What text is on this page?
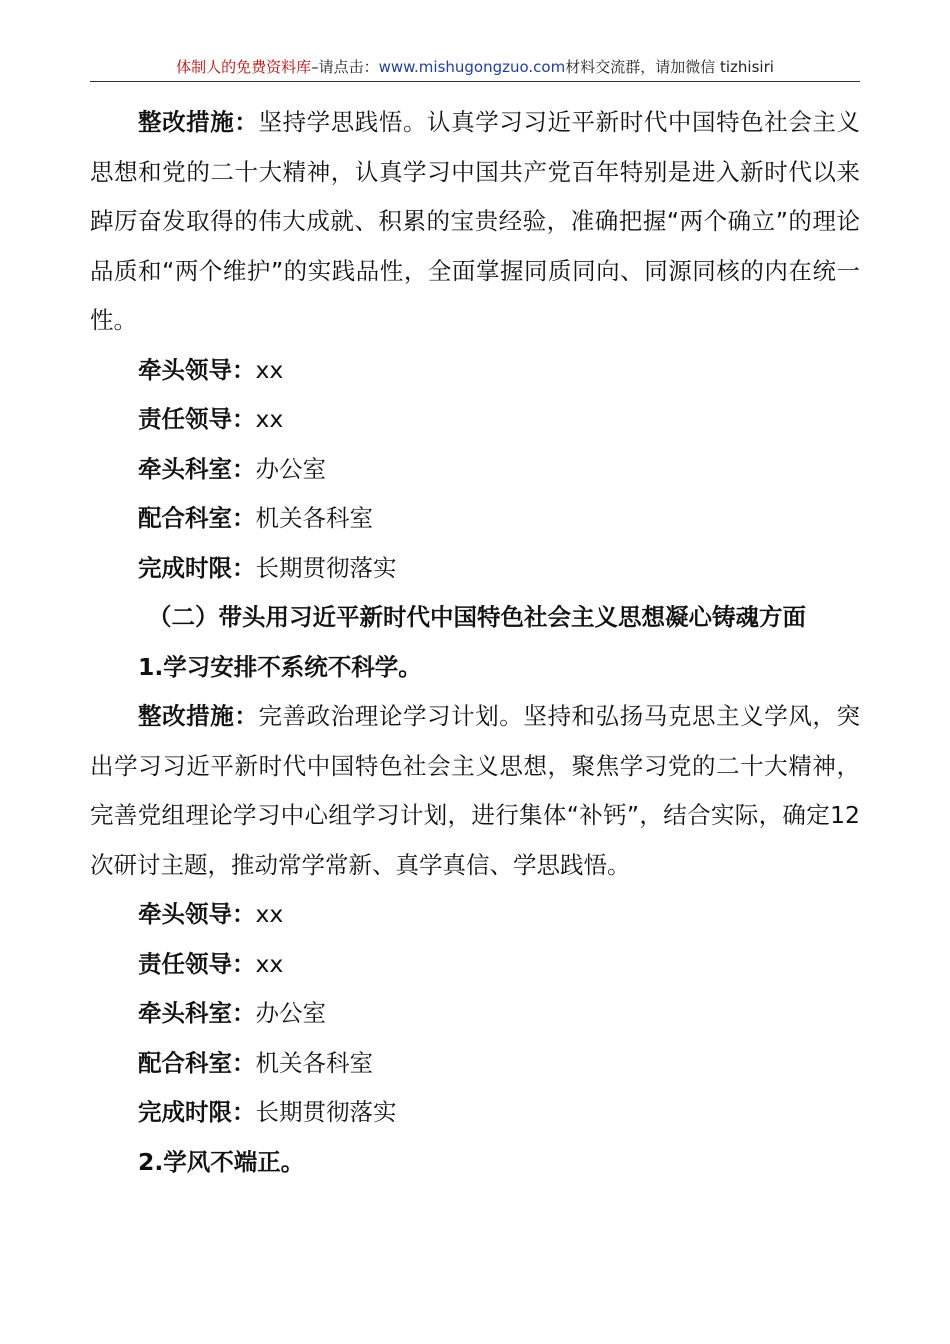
体制人的免费资料库–请点击：www.mishugongzuo.com材料交流群，请加微信 tizhisiri

整改措施：坚持学思践悟。认真学习习近平新时代中国特色社会主义思想和党的二十大精神，认真学习中国共产党百年特别是进入新时代以来踔厉奋发取得的伟大成就、积累的宝贵经验，准确把握“两个确立”的理论品质和“两个维护”的实践品性，全面掌握同质同向、同源同核的内在统一性。

牵头领导：xx

责任领导：xx

牵头科室：办公室

配合科室：机关各科室

完成时限：长期贯彻落实

（二）带头用习近平新时代中国特色社会主义思想凝心铸魂方面

1.学习安排不系统不科学。

整改措施：完善政治理论学习计划。坚持和弘扬马克思主义学风，突出学习习近平新时代中国特色社会主义思想，聚焦学习党的二十大精神，完善党组理论学习中心组学习计划，进行集体“补钙”，结合实际，确定12次研讨主题，推动常学常新、真学真信、学思践悟。

牵头领导：xx

责任领导：xx

牵头科室：办公室

配合科室：机关各科室

完成时限：长期贯彻落实

2.学风不端正。
